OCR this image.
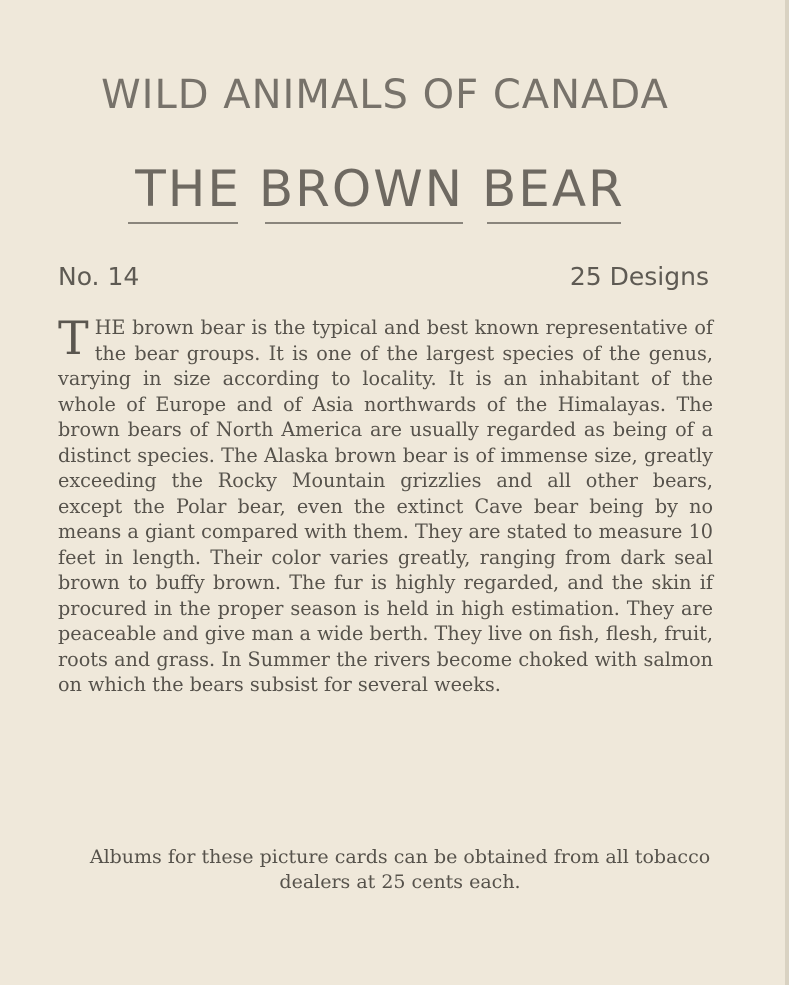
WILD ANIMALS OF CANADA
THE BROWN BEAR
No. 14	25 Designs

THE brown bear is the typical and best known representative of the bear groups. It is one of the largest species of the genus, varying in size according to locality. It is an inhabitant of the whole of Europe and of Asia northwards of the Himalayas. The brown bears of North America are usually regarded as being of a distinct species. The Alaska brown bear is of immense size, greatly exceeding the Rocky Mountain grizzlies and all other bears, except the Polar bear, even the extinct Cave bear being by no means a giant compared with them. They are stated to measure 10 feet in length. Their color varies greatly, ranging from dark seal brown to buffy brown. The fur is highly regarded, and the skin if procured in the proper season is held in high estimation. They are peaceable and give man a wide berth. They live on fish, flesh, fruit, roots and grass. In Summer the rivers become choked with salmon on which the bears subsist for several weeks.

Albums for these picture cards can be obtained from all tobacco dealers at 25 cents each.
